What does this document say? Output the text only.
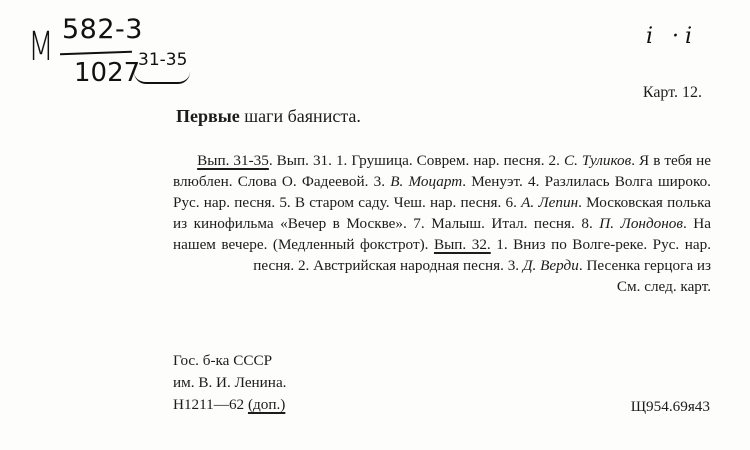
М 582-3
1027
31-35
i ·i
Карт. 12.
Первые шаги баяниста.
Вып. 31-35. Вып. 31. 1. Грушица. Соврем. нар. песня. 2. С. Туликов. Я в тебя не влюблен. Слова О. Фадеевой. 3. В. Моцарт. Менуэт. 4. Разлилась Волга широко. Рус. нар. песня. 5. В старом саду. Чеш. нар. песня. 6. А. Лепин. Московская полька из кинофильма «Вечер в Москве». 7. Малыш. Итал. песня. 8. П. Лондонов. На нашем вечере. (Медленный фокстрот). Вып. 32. 1. Вниз по Волге-реке. Рус. нар. песня. 2. Австрийская народная песня. 3. Д. Верди. Песенка герцога из
См. след. карт.
Гос. б-ка СССР
им. В. И. Ленина.
Н1211—62 (доп.)	Щ954.69я43
